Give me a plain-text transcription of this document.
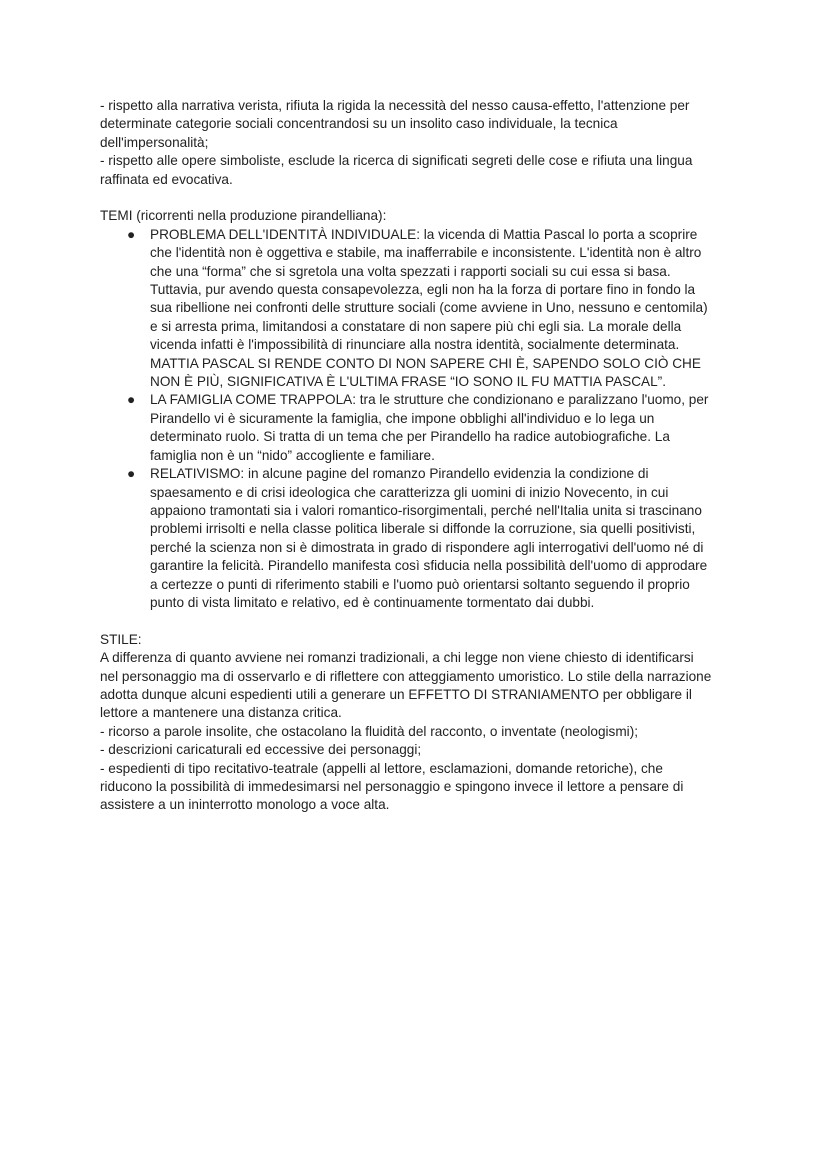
- rispetto alla narrativa verista, rifiuta la rigida la necessità del nesso causa-effetto, l'attenzione per
determinate categorie sociali concentrandosi su un insolito caso individuale, la tecnica
dell'impersonalità;
- rispetto alle opere simboliste, esclude la ricerca di significati segreti delle cose e rifiuta una lingua
raffinata ed evocativa.
TEMI (ricorrenti nella produzione pirandelliana):
● PROBLEMA DELL'IDENTITÀ INDIVIDUALE: la vicenda di Mattia Pascal lo porta a scoprire
che l'identità non è oggettiva e stabile, ma inafferrabile e inconsistente. L'identità non è altro
che una “forma” che si sgretola una volta spezzati i rapporti sociali su cui essa si basa.
Tuttavia, pur avendo questa consapevolezza, egli non ha la forza di portare fino in fondo la
sua ribellione nei confronti delle strutture sociali (come avviene in Uno, nessuno e centomila)
e si arresta prima, limitandosi a constatare di non sapere più chi egli sia. La morale della
vicenda infatti è l'impossibilità di rinunciare alla nostra identità, socialmente determinata.
MATTIA PASCAL SI RENDE CONTO DI NON SAPERE CHI È, SAPENDO SOLO CIÒ CHE
NON È PIÙ, SIGNIFICATIVA È L'ULTIMA FRASE “IO SONO IL FU MATTIA PASCAL”.
● LA FAMIGLIA COME TRAPPOLA: tra le strutture che condizionano e paralizzano l'uomo, per
Pirandello vi è sicuramente la famiglia, che impone obblighi all'individuo e lo lega un
determinato ruolo. Si tratta di un tema che per Pirandello ha radice autobiografiche. La
famiglia non è un “nido” accogliente e familiare.
● RELATIVISMO: in alcune pagine del romanzo Pirandello evidenzia la condizione di
spaesamento e di crisi ideologica che caratterizza gli uomini di inizio Novecento, in cui
appaiono tramontati sia i valori romantico-risorgimentali, perché nell'Italia unita si trascinano
problemi irrisolti e nella classe politica liberale si diffonde la corruzione, sia quelli positivisti,
perché la scienza non si è dimostrata in grado di rispondere agli interrogativi dell'uomo né di
garantire la felicità. Pirandello manifesta così sfiducia nella possibilità dell'uomo di approdare
a certezze o punti di riferimento stabili e l'uomo può orientarsi soltanto seguendo il proprio
punto di vista limitato e relativo, ed è continuamente tormentato dai dubbi.
STILE:
A differenza di quanto avviene nei romanzi tradizionali, a chi legge non viene chiesto di identificarsi
nel personaggio ma di osservarlo e di riflettere con atteggiamento umoristico. Lo stile della narrazione
adotta dunque alcuni espedienti utili a generare un EFFETTO DI STRANIAMENTO per obbligare il
lettore a mantenere una distanza critica.
- ricorso a parole insolite, che ostacolano la fluidità del racconto, o inventate (neologismi);
- descrizioni caricaturali ed eccessive dei personaggi;
- espedienti di tipo recitativo-teatrale (appelli al lettore, esclamazioni, domande retoriche), che
riducono la possibilità di immedesimarsi nel personaggio e spingono invece il lettore a pensare di
assistere a un ininterrotto monologo a voce alta.
